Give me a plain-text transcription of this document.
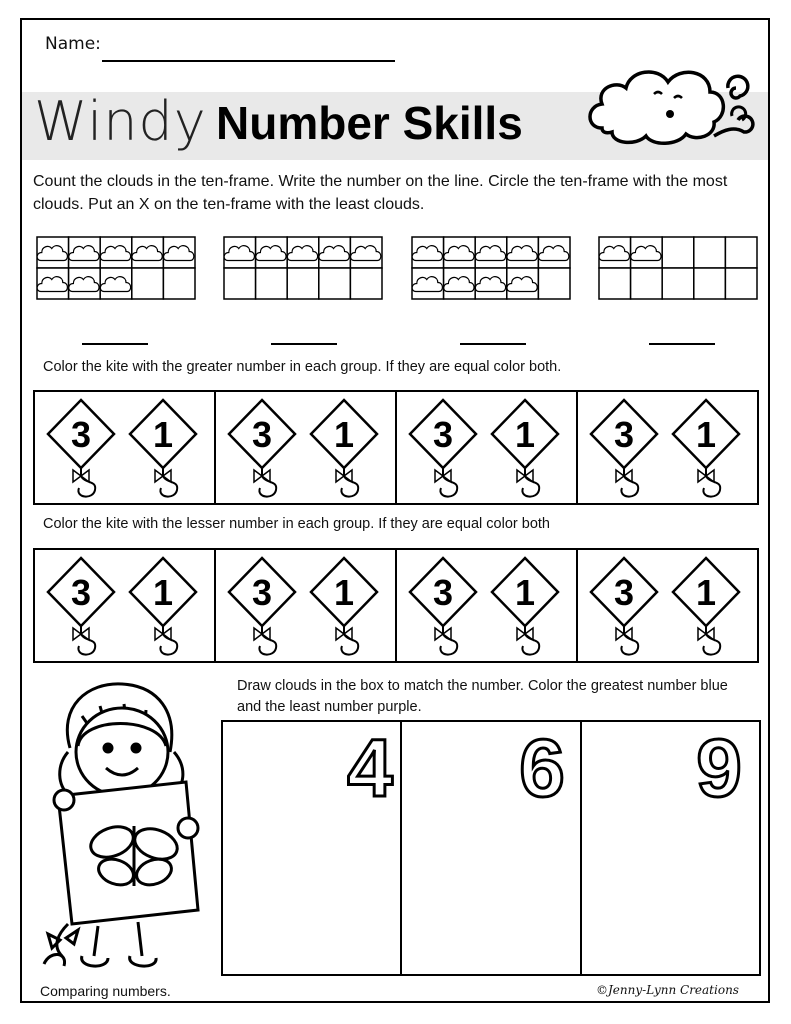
Name:
Windy Number Skills
Count the clouds in the ten-frame. Write the number on the line. Circle the ten-frame with the most clouds. Put an X on the ten-frame with the least clouds.
Color the kite with the greater number in each group. If they are equal color both.
3 1 3 1 3 1 3 1
Color the kite with the lesser number in each group. If they are equal color both
3 1 3 1 3 1 3 1
Draw clouds in the box to match the number. Color the greatest number blue and the least number purple.
4 6 9
Comparing numbers.	©Jenny-Lynn Creations
